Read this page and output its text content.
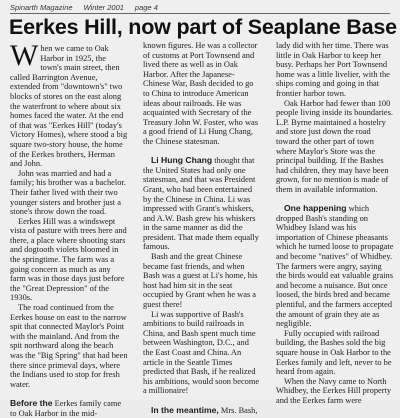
Spinarth Magazine Winter 2001 page 4
Eerkes Hill, now part of Seaplane Base

When we came to Oak Harbor in 1925, the town's main street, then called Barrington Avenue, extended from "downtown's" two blocks of stores on the east along the waterfront to where about six homes faced the water. At the end of that was "Eerkes Hill" (today's Victory Homes), where stood a big square two-story house, the home of the Eerkes brothers, Herman and John.

John was married and had a family; his brother was a bachelor. Their father lived with their two younger sisters and brother just a stone's throw down the road.

Eerkes Hill was a windswept vista of pasture with trees here and there, a place where shooting stars and dogtooth violets bloomed in the springtime. The farm was a going concern as much as any farm was in those days just before the "Great Depression" of the 1930s.

The road continued from the Eerkes house on east to the narrow spit that connected Maylor's Point with the mainland. And from the spit northward along the beach was the "Big Spring" that had been there since primeval days, where the Indians used to stop for fresh water.

Before the Eerkes family came to Oak Harbor in the mid-

known figures. He was a collector of customs at Port Townsend and lived there as well as in Oak Harbor. After the Japanese-Chinese War, Bash decided to go to China to introduce American ideas about railroads. He was acquainted with Secretary of the Treasury John W. Foster, who was a good friend of Li Hung Chang, the Chinese statesman.

Li Hung Chang thought that the United States had only one statesman, and that was President Grant, who had been entertained by the Chinese in China. Li was impressed with Grant's whiskers, and A.W. Bash grew his whiskers in the same manner as did the president. That made them equally famous.

Bash and the great Chinese became fast friends, and when Bash was a guest at Li's home, his host had him sit in the seat occupied by Grant when he was a guest there!

Li was supportive of Bash's ambitions to build railroads in China, and Bash spent much time between Washington, D.C., and the East Coast and China. An article in the Seattle Times predicted that Bash, if he realized his ambitions, would soon become a millionaire!

In the meantime, Mrs. Bash,

lady did with her time. There was little in Oak Harbor to keep her busy. Perhaps her Port Townsend home was a little livelier, with the ships coming and going in that frontier harbor town.

Oak Harbor had fewer than 100 people living inside its boundaries. L.P. Byrne maintained a hostelry and store just down the road toward the other part of town where Maylor's Store was the principal building. If the Bashes had children, they may have been grown, for no mention is made of them in available information.

One happening which dropped Bash's standing on Whidbey Island was his importation of Chinese pheasants which he turned loose to propagate and become "natives" of Whidbey. The farmers were angry, saying the birds would eat valuable grains and become a nuisance. But once loosed, the birds bred and became plentiful, and the farmers accepted the amount of grain they ate as negligible.

Fully occupied with railroad building, the Bashes sold the big square house in Oak Harbor to the Eerkes family and left, never to be heard from again.

When the Navy came to North Whidbey, the Eerkes Hill property and the Eerkes farm were
